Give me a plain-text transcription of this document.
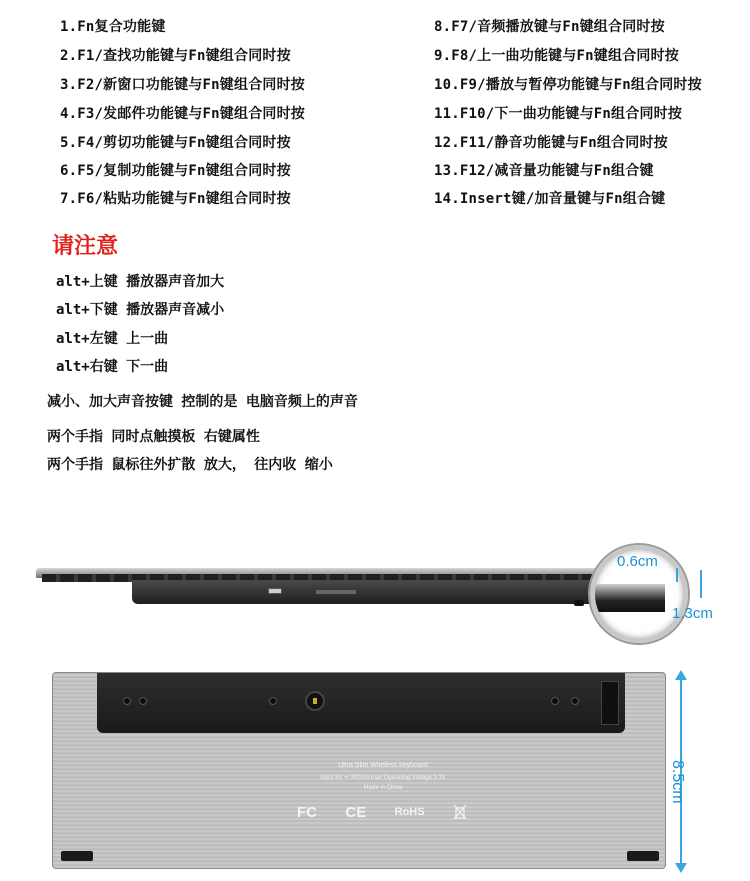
1.Fn复合功能键
2.F1/查找功能键与Fn键组合同时按
3.F2/新窗口功能键与Fn键组合同时按
4.F3/发邮件功能键与Fn键组合同时按
5.F4/剪切功能键与Fn键组合同时按
6.F5/复制功能键与Fn键组合同时按
7.F6/粘贴功能键与Fn键组合同时按
8.F7/音频播放键与Fn键组合同时按
9.F8/上一曲功能键与Fn键组合同时按
10.F9/播放与暂停功能键与Fn组合同时按
11.F10/下一曲功能键与Fn组合同时按
12.F11/静音功能键与Fn组合同时按
13.F12/减音量功能键与Fn组合键
14.Insert键/加音量键与Fn组合键
请注意
alt+上键 播放器声音加大
alt+下键 播放器声音减小
alt+左键 上一曲
alt+右键 下一曲
减小、加大声音按键 控制的是 电脑音频上的声音
两个手指 同时点触摸板 右键属性
两个手指 鼠标往外扩散 放大， 往内收 缩小
0.6cm
1.3cm
Ultra Slim Wireless keyboard
Input 5V ⎓ 300mA max Operating Voltage 3.3V
Made in China
FC CE	RoHS
8.5cm
